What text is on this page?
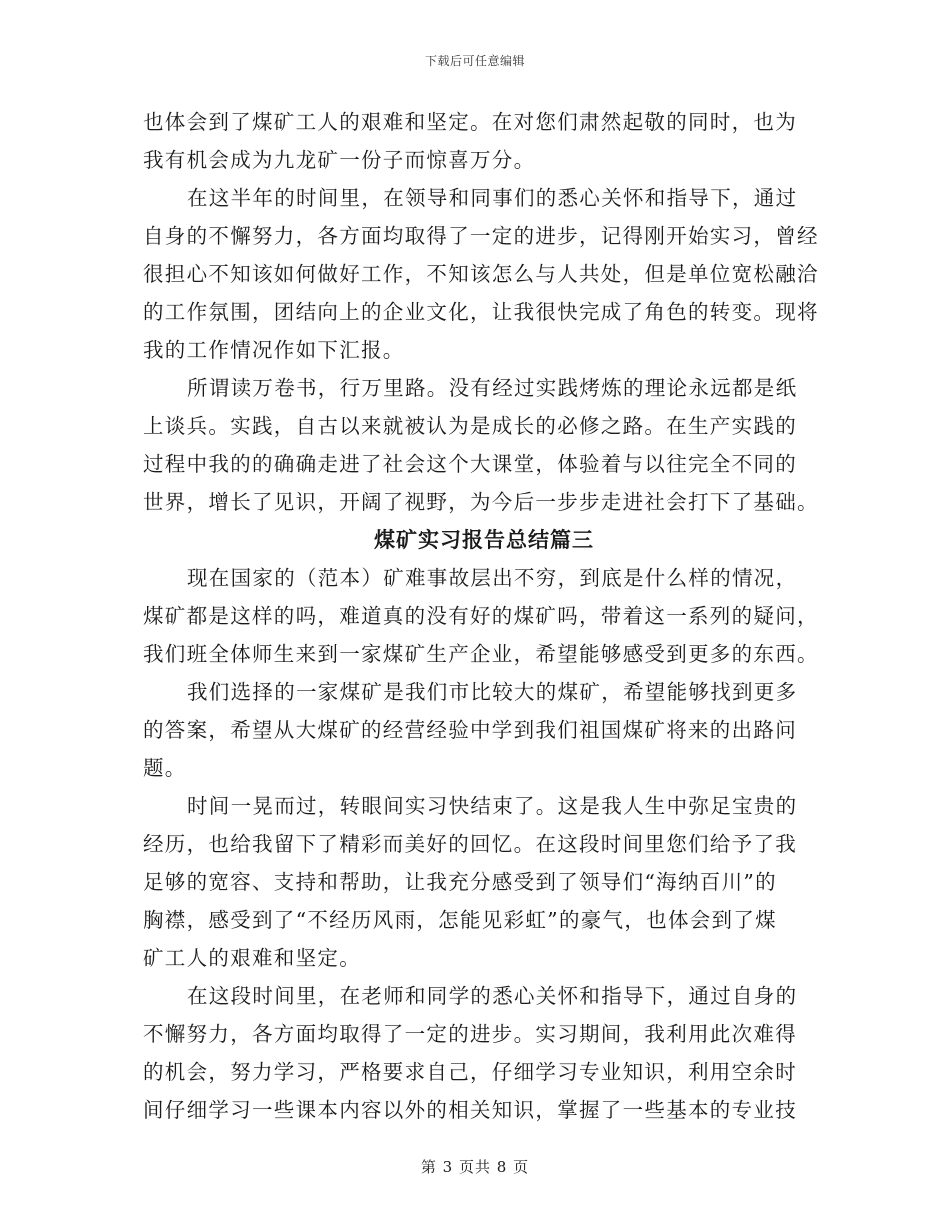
下载后可任意编辑
也体会到了煤矿工人的艰难和坚定。在对您们肃然起敬的同时，也为
我有机会成为九龙矿一份子而惊喜万分。
在这半年的时间里，在领导和同事们的悉心关怀和指导下，通过
自身的不懈努力，各方面均取得了一定的进步，记得刚开始实习，曾经
很担心不知该如何做好工作，不知该怎么与人共处，但是单位宽松融洽
的工作氛围，团结向上的企业文化，让我很快完成了角色的转变。现将
我的工作情况作如下汇报。
所谓读万卷书，行万里路。没有经过实践烤炼的理论永远都是纸
上谈兵。实践，自古以来就被认为是成长的必修之路。在生产实践的
过程中我的的确确走进了社会这个大课堂，体验着与以往完全不同的
世界，增长了见识，开阔了视野，为今后一步步走进社会打下了基础。
煤矿实习报告总结篇三
现在国家的（范本）矿难事故层出不穷，到底是什么样的情况，
煤矿都是这样的吗，难道真的没有好的煤矿吗，带着这一系列的疑问，
我们班全体师生来到一家煤矿生产企业，希望能够感受到更多的东西。
我们选择的一家煤矿是我们市比较大的煤矿，希望能够找到更多
的答案，希望从大煤矿的经营经验中学到我们祖国煤矿将来的出路问
题。
时间一晃而过，转眼间实习快结束了。这是我人生中弥足宝贵的
经历，也给我留下了精彩而美好的回忆。在这段时间里您们给予了我
足够的宽容、支持和帮助，让我充分感受到了领导们“海纳百川”的
胸襟，感受到了“不经历风雨，怎能见彩虹”的豪气，也体会到了煤
矿工人的艰难和坚定。
在这段时间里，在老师和同学的悉心关怀和指导下，通过自身的
不懈努力，各方面均取得了一定的进步。实习期间，我利用此次难得
的机会，努力学习，严格要求自己，仔细学习专业知识，利用空余时
间仔细学习一些课本内容以外的相关知识，掌握了一些基本的专业技
第 3 页共 8 页
